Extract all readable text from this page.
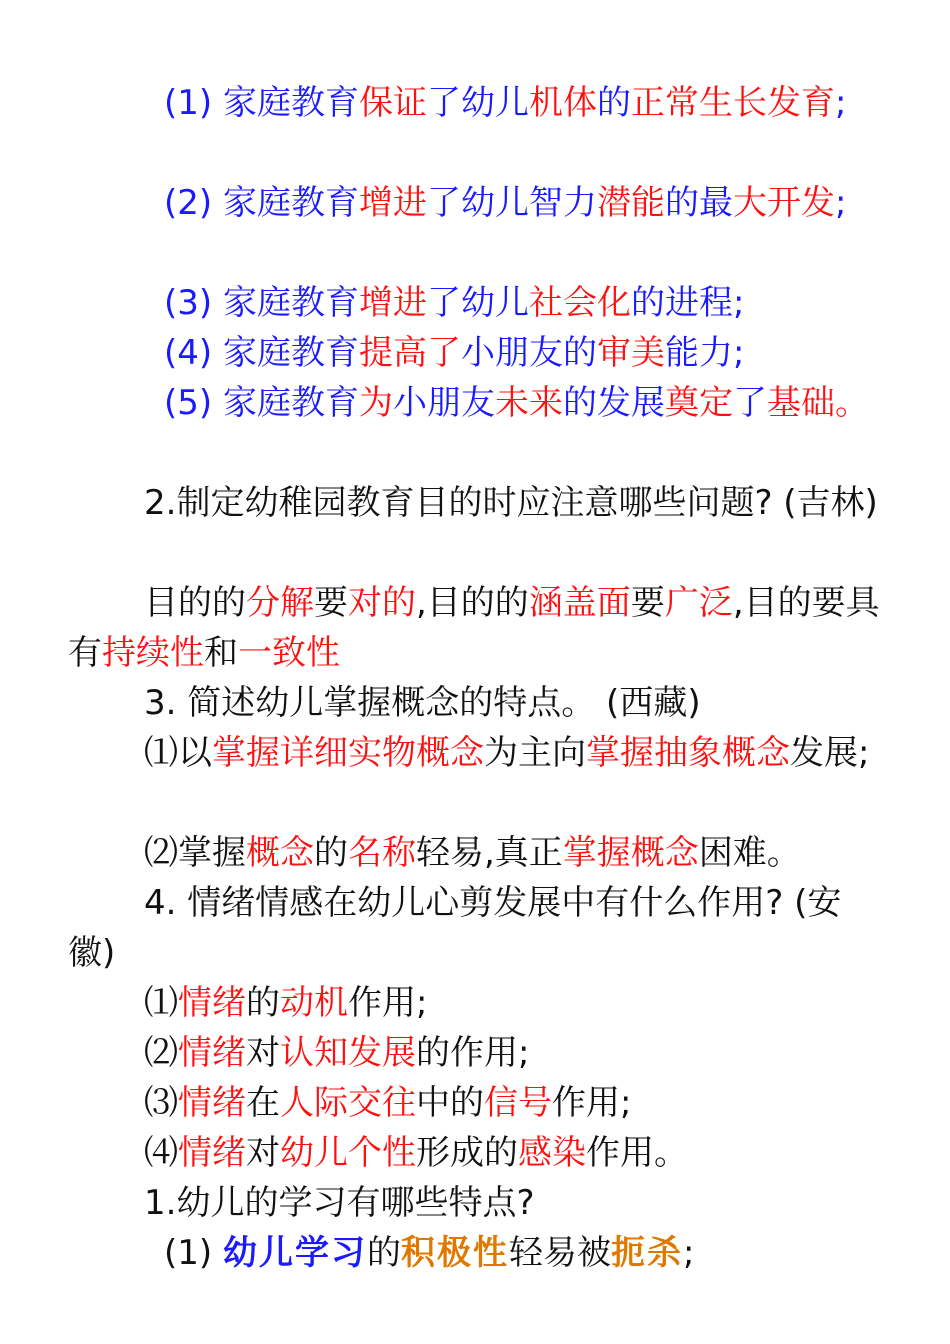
(1) 家庭教育保证了幼儿机体的正常生长发育;
(2) 家庭教育增进了幼儿智力潜能的最大开发;
(3) 家庭教育增进了幼儿社会化的进程;
(4) 家庭教育提高了小朋友的审美能力;
(5) 家庭教育为小朋友未来的发展奠定了基础。
2.制定幼稚园教育目的时应注意哪些问题? (吉林)
目的的分解要对的,目的的涵盖面要广泛,目的要具有持续性和一致性
3. 简述幼儿掌握概念的特点。 (西藏)
⑴以掌握详细实物概念为主向掌握抽象概念发展;
⑵掌握概念的名称轻易,真正掌握概念困难。
4. 情绪情感在幼儿心剪发展中有什么作用? (安徽)
⑴情绪的动机作用;
⑵情绪对认知发展的作用;
⑶情绪在人际交往中的信号作用;
⑷情绪对幼儿个性形成的感染作用。
1.幼儿的学习有哪些特点?
(1) 幼儿学习的积极性轻易被扼杀;
